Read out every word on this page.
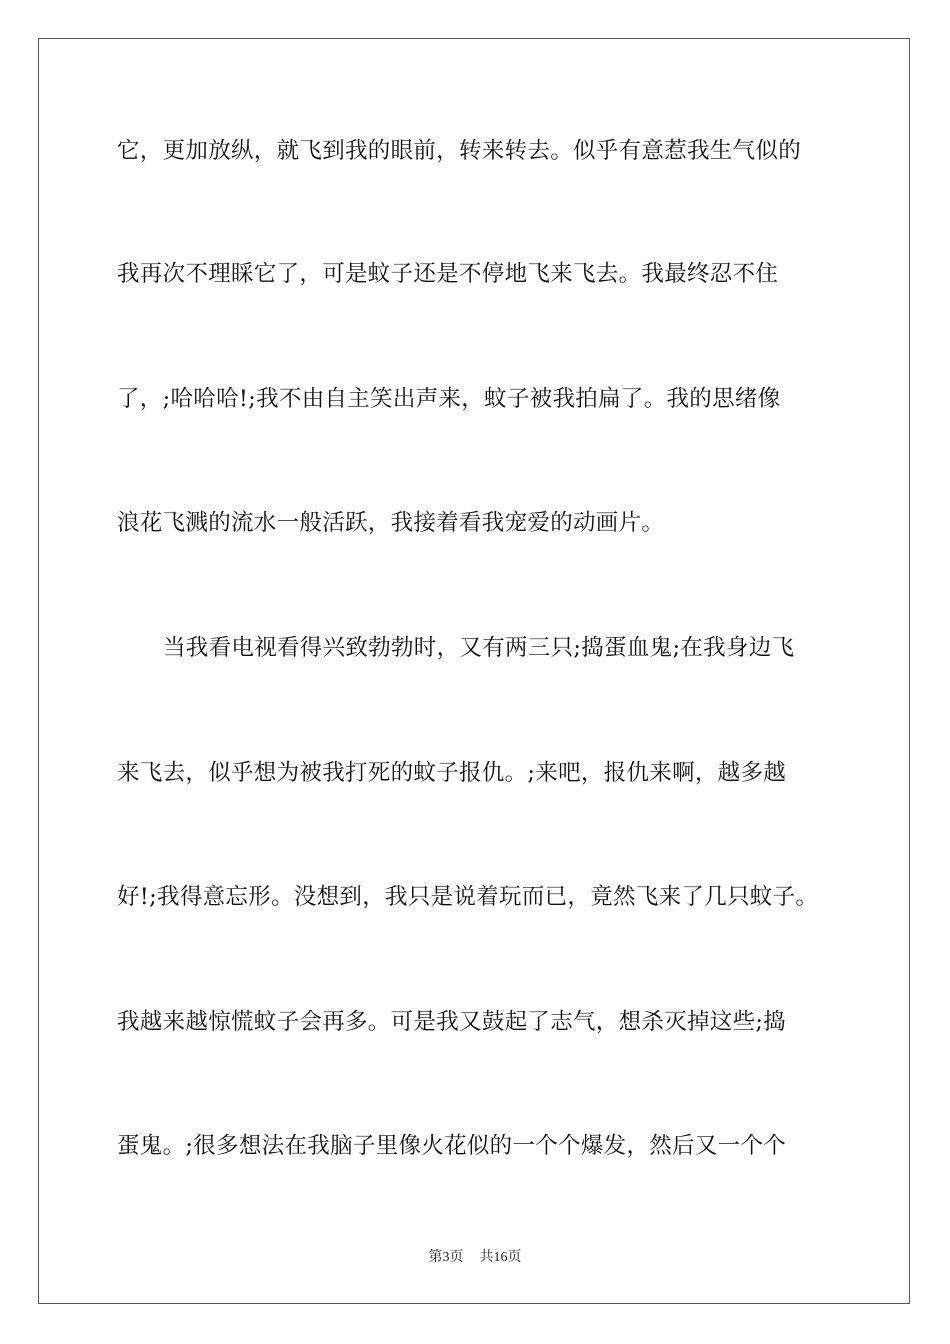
它，更加放纵，就飞到我的眼前，转来转去。似乎有意惹我生气似的
我再次不理睬它了，可是蚊子还是不停地飞来飞去。我最终忍不住
了，;哈哈哈!;我不由自主笑出声来，蚊子被我拍扁了。我的思绪像
浪花飞溅的流水一般活跃，我接着看我宠爱的动画片。
当我看电视看得兴致勃勃时，又有两三只;捣蛋血鬼;在我身边飞
来飞去，似乎想为被我打死的蚊子报仇。;来吧，报仇来啊，越多越
好!;我得意忘形。没想到，我只是说着玩而已，竟然飞来了几只蚊子。
我越来越惊慌蚊子会再多。可是我又鼓起了志气，想杀灭掉这些;捣
蛋鬼。;很多想法在我脑子里像火花似的一个个爆发，然后又一个个
第3页 共16页
